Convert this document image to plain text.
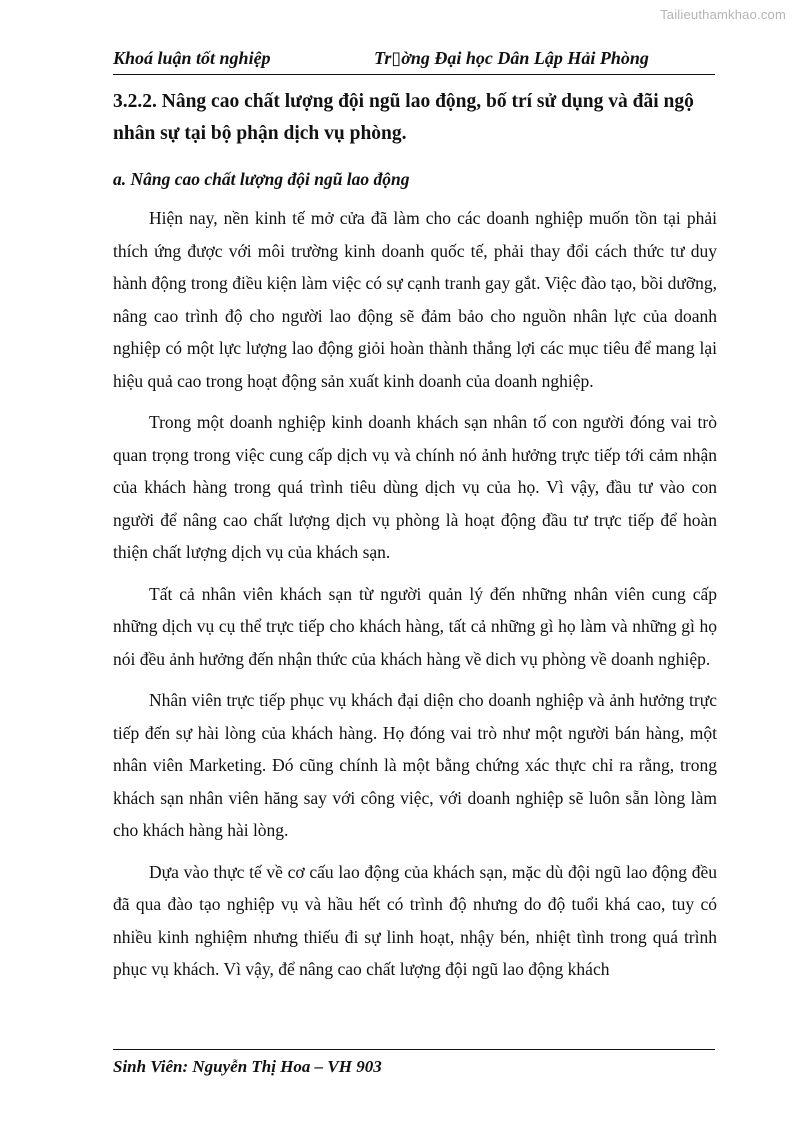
Tailieuthamkhao.com
Khoá luận tốt nghiệp	Tr▯ờng Đại học Dân Lập Hải Phòng
3.2.2. Nâng cao chất lượng đội ngũ lao động, bố trí sử dụng và đãi ngộ nhân sự tại bộ phận dịch vụ phòng.
a. Nâng cao chất lượng đội ngũ lao động

Hiện nay, nền kinh tế mở cửa đã làm cho các doanh nghiệp muốn tồn tại phải thích ứng được với môi trường kinh doanh quốc tế, phải thay đổi cách thức tư duy hành động trong điều kiện làm việc có sự cạnh tranh gay gắt. Việc đào tạo, bồi dưỡng, nâng cao trình độ cho người lao động sẽ đảm bảo cho nguồn nhân lực của doanh nghiệp có một lực lượng lao động giỏi hoàn thành thắng lợi các mục tiêu để mang lại hiệu quả cao trong hoạt động sản xuất kinh doanh của doanh nghiệp.

Trong một doanh nghiệp kinh doanh khách sạn nhân tố con người đóng vai trò quan trọng trong việc cung cấp dịch vụ và chính nó ảnh hưởng trực tiếp tới cảm nhận của khách hàng trong quá trình tiêu dùng dịch vụ của họ. Vì vậy, đầu tư vào con người để nâng cao chất lượng dịch vụ phòng là hoạt động đầu tư trực tiếp để hoàn thiện chất lượng dịch vụ của khách sạn.

Tất cả nhân viên khách sạn từ người quản lý đến những nhân viên cung cấp những dịch vụ cụ thể trực tiếp cho khách hàng, tất cả những gì họ làm và những gì họ nói đều ảnh hưởng đến nhận thức của khách hàng về dich vụ phòng về doanh nghiệp.

Nhân viên trực tiếp phục vụ khách đại diện cho doanh nghiệp và ảnh hưởng trực tiếp đến sự hài lòng của khách hàng. Họ đóng vai trò như một người bán hàng, một nhân viên Marketing. Đó cũng chính là một bằng chứng xác thực chỉ ra rằng, trong khách sạn nhân viên hăng say với công việc, với doanh nghiệp sẽ luôn sẵn lòng làm cho khách hàng hài lòng.

Dựa vào thực tế về cơ cấu lao động của khách sạn, mặc dù đội ngũ lao động đều đã qua đào tạo nghiệp vụ và hầu hết có trình độ nhưng do độ tuổi khá cao, tuy có nhiều kinh nghiệm nhưng thiếu đi sự linh hoạt, nhậy bén, nhiệt tình trong quá trình phục vụ khách. Vì vậy, để nâng cao chất lượng đội ngũ lao động khách

Sinh Viên: Nguyễn Thị Hoa – VH 903
